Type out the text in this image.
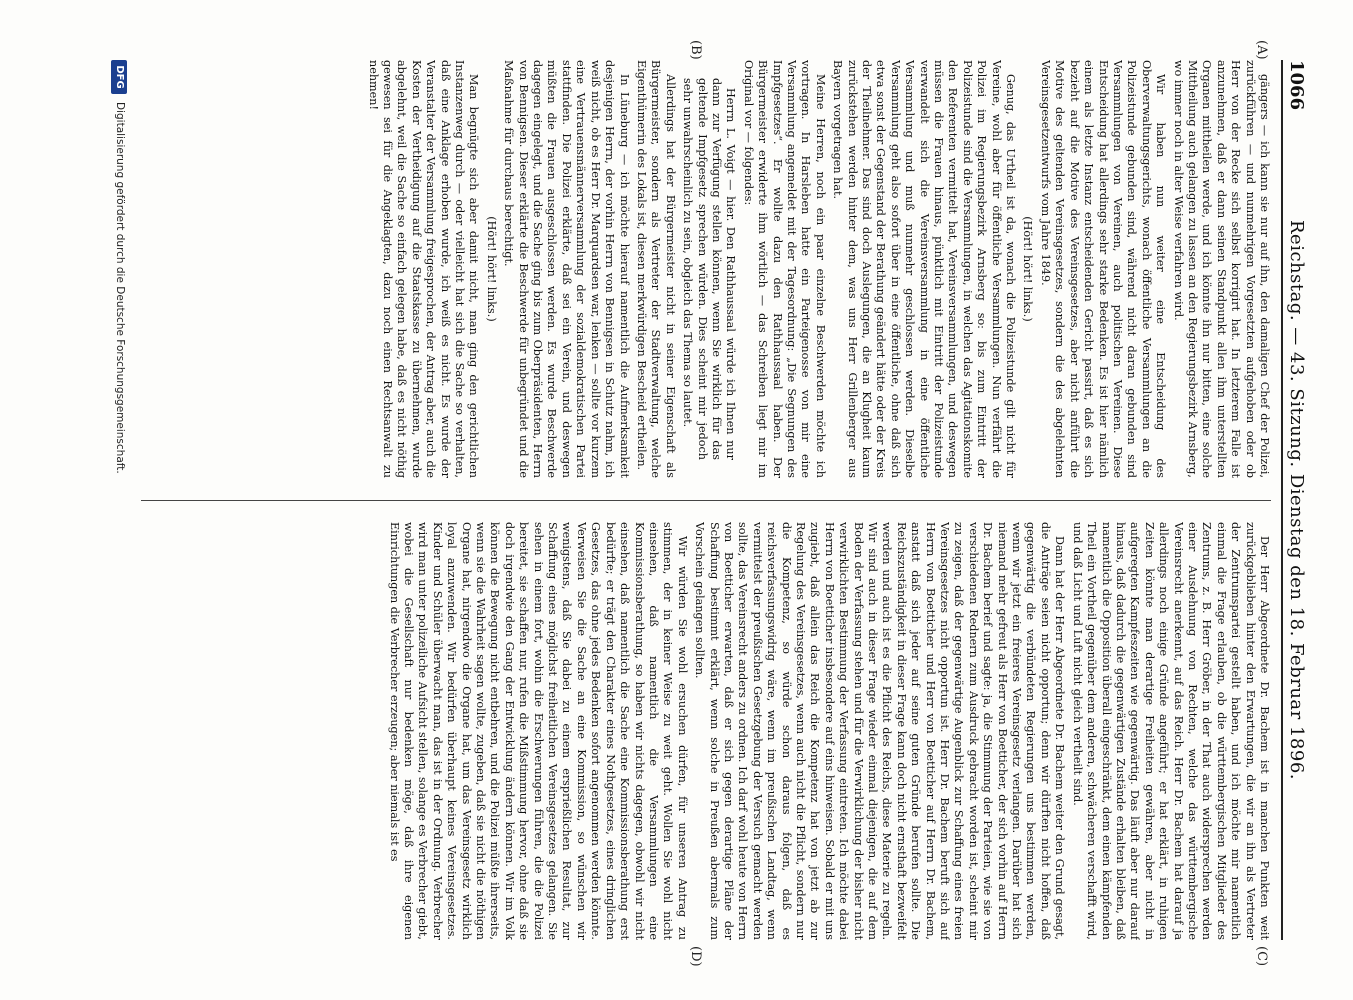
1066
Reichstag. — 43. Sitzung. Dienstag den 18. Februar 1896.
(A)
(B)
(C)
(D)

gängers — ich kann sie nur auf ihn, den damaligen Chef der Polizei, zurückführen — und nunmehrigen Vorgesetzten aufgehoben oder ob Herr von der Recke sich selbst korrigirt hat. In letzterem Falle ist anzunehmen, daß er dann seinen Standpunkt allen ihm unterstellten Organen mittheilen werde, und ich könnte ihn nur bitten, eine solche Mittheilung auch gelangen zu lassen an den Regierungsbezirk Arnsberg, wo immer noch in alter Weise verfahren wird.

Wir haben nun weiter eine Entscheidung des Oberverwaltungsgerichts, wonach öffentliche Versammlungen an die Polizeistunde gebunden sind, während nicht daran gebunden sind Versammlungen von Vereinen, auch politischen Vereinen. Diese Entscheidung hat allerdings sehr starke Bedenken. Es ist hier nämlich einem als letzte Instanz entscheidenden Gericht passirt, daß es sich bezieht auf die Motive des Vereinsgesetzes, aber nicht anführt die Motive des geltenden Vereinsgesetzes, sondern die des abgelehnten Vereinsgesetzentwurfs vom Jahre 1849.

(Hört! hört! links.)

Genug, das Urtheil ist da, wonach die Polizeistunde gilt nicht für Vereine, wohl aber für öffentliche Versammlungen. Nun verfährt die Polizei im Regierungsbezirk Arnsberg so: bis zum Eintritt der Polizeistunde sind die Versammlungen, in welchen das Agitationskomite den Referenten vermittelt hat, Vereinsversammlungen, und deswegen müssen die Frauen hinaus, pünktlich mit Eintritt der Polizeistunde verwandelt sich die Vereinsversammlung in eine öffentliche Versammlung und muß nunmehr geschlossen werden. Dieselbe Versammlung geht also sofort über in eine öffentliche, ohne daß sich etwa sonst der Gegenstand der Berathung geändert hätte oder der Kreis der Theilnehmer. Das sind doch Auslegungen, die an Klugheit kaum zurückstehen werden hinter dem, was uns Herr Grillenberger aus Bayern vorgetragen hat.

Meine Herren, noch ein paar einzelne Beschwerden möchte ich vortragen. In Harsleben hatte ein Parteigenosse von mir eine Versammlung angemeldet mit der Tagesordnung: „Die Segnungen des Impfgesetzes“. Er wollte dazu den Rathhaussaal haben. Der Bürgermeister erwiderte ihm wörtlich — das Schreiben liegt mir im Original vor — folgendes:

Herrn L. Voigt — hier. Den Rathhaussaal würde ich Ihnen nur dann zur Verfügung stellen können, wenn Sie wirklich für das geltende Impfgesetz sprechen würden. Dies scheint mir jedoch sehr unwahrscheinlich zu sein, obgleich das Thema so lautet.

Allerdings hat der Bürgermeister nicht in seiner Eigenschaft als Bürgermeister, sondern als Vertreter der Stadtverwaltung, welche Eigenthümerin des Lokals ist, diesen merkwürdigen Bescheid ertheilen.

In Lüneburg — ich möchte hierauf namentlich die Aufmerksamkeit desjenigen Herrn, der vorhin Herrn von Bennigsen in Schutz nahm, ich weiß nicht, ob es Herr Dr. Marquardsen war, lenken — sollte vor kurzem eine Vertrauensmännerversammlung der sozialdemokratischen Partei stattfinden. Die Polizei erklärte, daß sei ein Verein, und deswegen müßten die Frauen ausgeschlossen werden. Es wurde Beschwerde dagegen eingelegt, und die Sache ging bis zum Oberpräsidenten, Herrn von Bennigsen. Dieser erklärte die Beschwerde für unbegründet und die Maßnahme für durchaus berechtigt.

(Hört! hört! links.)

Man begnügte sich aber damit nicht, man ging den gerichtlichen Instanzenweg durch — oder vielleicht hat sich die Sache so verhalten, daß eine Anklage erhoben wurde, ich weiß es nicht. Es wurde der Veranstalter der Versammlung freigesprochen, der Antrag aber, auch die Kosten der Vertheidigung auf die Staatskasse zu übernehmen, wurde abgelehnt, weil die Sache so einfach gelegen habe, daß es nicht nöthig gewesen sei für die Angeklagten, dazu noch einen Rechtsanwalt zu nehmen!

Der Herr Abgeordnete Dr. Bachem ist in manchen Punkten weit zurückgeblieben hinter den Erwartungen, die wir an ihn als Vertreter der Zentrumspartei gestellt haben, und ich möchte mir namentlich einmal die Frage erlauben, ob die württembergischen Mitglieder des Zentrums, z. B. Herr Gröber, in der That auch widersprechen werden einer Ausdehnung von Rechten, welche das württembergische Vereinsrecht anerkennt, auf das Reich. Herr Dr. Bachem hat darauf ja allerdings noch einige Gründe angeführt; er hat erklärt, in ruhigen Zeiten könnte man derartige Freiheiten gewähren, aber nicht in aufgeregten Kampfeszeiten wie gegenwärtig. Das läuft aber nur darauf hinaus, daß dadurch die gegenwärtigen Zustände erhalten bleiben, daß namentlich die Opposition überall eingeschränkt, dem einen kämpfenden Theil ein Vortheil gegenüber dem anderen, schwächeren verschafft wird, und daß Licht und Luft nicht gleich vertheilt sind.

Dann hat der Herr Abgeordnete Dr. Bachem weiter den Grund gesagt, die Anträge seien nicht opportun; denn wir dürften nicht hoffen, daß gegenwärtig die verbündeten Regierungen uns bestimmen werden, wenn wir jetzt ein freieres Vereinsgesetz verlangen. Darüber hat sich niemand mehr gefreut als Herr von Boetticher, der sich vorhin auf Herrn Dr. Bachem berief und sagte: ja, die Stimmung der Parteien, wie sie von verschiedenen Rednern zum Ausdruck gebracht worden ist, scheint mir zu zeigen, daß der gegenwärtige Augenblick zur Schaffung eines freien Vereinsgesetzes nicht opportun ist. Herr Dr. Bachem beruft sich auf Herrn von Boetticher und Herr von Boetticher auf Herrn Dr. Bachem, anstatt daß sich jeder auf seine guten Gründe berufen sollte. Die Reichszuständigkeit in dieser Frage kann doch nicht ernsthaft bezweifelt werden und auch ist es die Pflicht des Reichs, diese Materie zu regeln. Wir sind auch in dieser Frage wieder einmal diejenigen, die auf dem Boden der Verfassung stehen und für die Verwirklichung der bisher nicht verwirklichten Bestimmung der Verfassung eintreten. Ich möchte dabei Herrn von Boetticher insbesondere auf eins hinweisen. Sobald er mit uns zugiebt, daß allein das Reich die Kompetenz hat von jetzt ab zur Regelung des Vereinsgesetzes, wenn auch nicht die Pflicht, sondern nur die Kompetenz, so würde schon daraus folgen, daß es reichsverfassungswidrig wäre, wenn im preußischen Landtag, wenn vermittelst der preußischen Gesetzgebung der Versuch gemacht werden sollte, das Vereinsrecht anders zu ordnen. Ich darf wohl heute von Herrn von Boetticher erwarten, daß er sich gegen derartige Pläne der Schaffung bestimmt erklärt, wenn solche in Preußen abermals zum Vorschein gelangen sollten.

Wir würden Sie wohl ersuchen dürfen, für unseren Antrag zu stimmen, der in keiner Weise zu weit geht. Wollen Sie wohl nicht einsehen, daß namentlich die Versammlungen eine Kommissionsberathung, so haben wir nichts dagegen, obwohl wir nicht einsehen, daß namentlich die Sache eine Kommissionsberathung erst bedürfte; er trägt den Charakter eines Nothgesetzes, eines dringlichen Gesetzes, das ohne jedes Bedenken sofort angenommen werden könnte. Verweisen Sie die Sache an eine Kommission, so wünschen wir wenigstens, daß Sie dabei zu einem ersprießlichen Resultat, zur Schaffung eines möglichst freiheitlichen Vereinsgesetzes gelangen. Sie sehen in einem fort, wohin die Erschwerungen führen, die die Polizei bereitet, sie schaffen nur, rufen die Mißstimmung hervor, ohne daß sie doch irgendwie den Gang der Entwicklung ändern können. Wir im Volk können die Bewegung nicht entbehren, und die Polizei müßte ihrerseits, wenn sie die Wahrheit sagen wollte, zugeben, daß sie nicht die nöthigen Organe hat, nirgendwo die Organe hat, um das Vereinsgesetz wirklich loyal anzuwenden. Wir bedürfen überhaupt keines Vereinsgesetzes. Kinder und Schüler überwacht man, das ist in der Ordnung. Verbrecher wird man unter polizeiliche Aufsicht stellen, solange es Verbrecher giebt, wobei die Gesellschaft nur bedenken möge, daß ihre eigenen Einrichtungen die Verbrecher erzeugen; aber niemals ist es

DFG
Digitalisierung gefördert durch die Deutsche Forschungsgemeinschaft.
